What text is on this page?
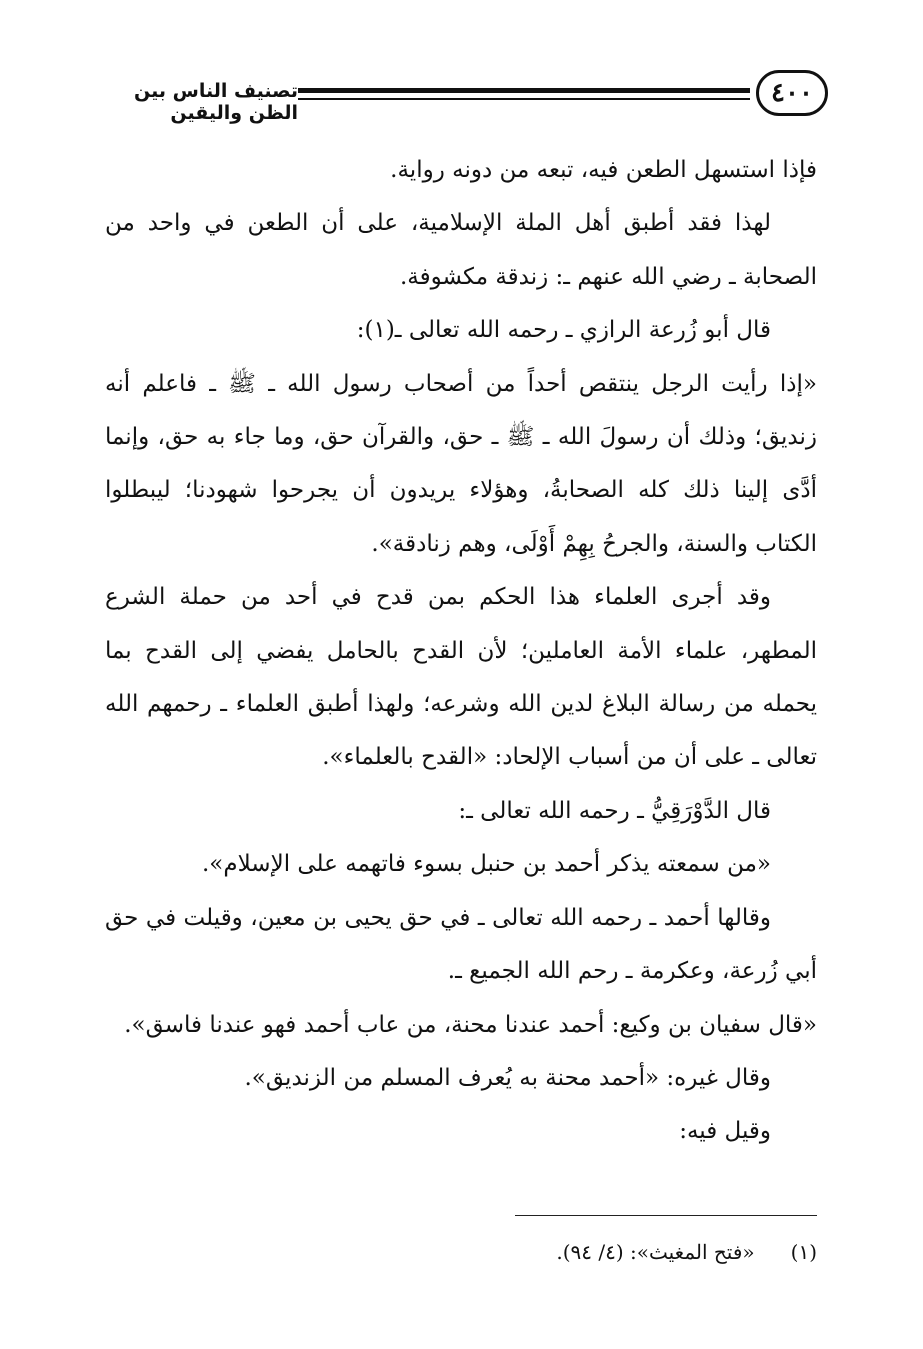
٤٠٠
تصنيف الناس بين الظن واليقين

فإذا استسهل الطعن فيه، تبعه من دونه رواية.

لهذا فقد أطبق أهل الملة الإسلامية، على أن الطعن في واحد من الصحابة ـ رضي الله عنهم ـ: زندقة مكشوفة.

قال أبو زُرعة الرازي ـ رحمه الله تعالى ـ(١):

«إذا رأيت الرجل ينتقص أحداً من أصحاب رسول الله ـ ﷺ ـ فاعلم أنه زنديق؛ وذلك أن رسولَ الله ـ ﷺ ـ حق، والقرآن حق، وما جاء به حق، وإنما أدَّى إلينا ذلك كله الصحابةُ، وهؤلاء يريدون أن يجرحوا شهودنا؛ ليبطلوا الكتاب والسنة، والجرحُ بِهِمْ أَوْلَى، وهم زنادقة».

وقد أجرى العلماء هذا الحكم بمن قدح في أحد من حملة الشرع المطهر، علماء الأمة العاملين؛ لأن القدح بالحامل يفضي إلى القدح بما يحمله من رسالة البلاغ لدين الله وشرعه؛ ولهذا أطبق العلماء ـ رحمهم الله تعالى ـ على أن من أسباب الإلحاد: «القدح بالعلماء».

قال الدَّوْرَقِيُّ ـ رحمه الله تعالى ـ:

«من سمعته يذكر أحمد بن حنبل بسوء فاتهمه على الإسلام».

وقالها أحمد ـ رحمه الله تعالى ـ في حق يحيى بن معين، وقيلت في حق أبي زُرعة، وعكرمة ـ رحم الله الجميع ـ.

«قال سفيان بن وكيع: أحمد عندنا محنة، من عاب أحمد فهو عندنا فاسق».

وقال غيره: «أحمد محنة به يُعرف المسلم من الزنديق».

وقيل فيه:

(١) «فتح المغيث»: (٤/ ٩٤).
